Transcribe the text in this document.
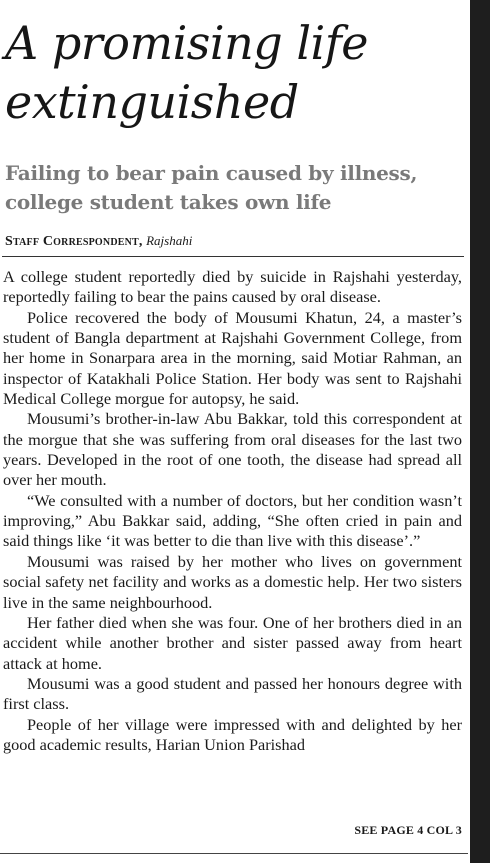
A promising life extinguished
Failing to bear pain caused by illness, college student takes own life
Staff Correspondent, Rajshahi

A college student reportedly died by suicide in Rajshahi yesterday, reportedly failing to bear the pains caused by oral disease.

Police recovered the body of Mousumi Khatun, 24, a master’s student of Bangla department at Rajshahi Government College, from her home in Sonarpara area in the morning, said Motiar Rahman, an inspector of Katakhali Police Station. Her body was sent to Rajshahi Medical College morgue for autopsy, he said.

Mousumi’s brother-in-law Abu Bakkar, told this correspondent at the morgue that she was suffering from oral diseases for the last two years. Developed in the root of one tooth, the disease had spread all over her mouth.

“We consulted with a number of doctors, but her condition wasn’t improving,” Abu Bakkar said, adding, “She often cried in pain and said things like ‘it was better to die than live with this disease’.”

Mousumi was raised by her mother who lives on government social safety net facility and works as a domestic help. Her two sisters live in the same neighbourhood.

Her father died when she was four. One of her brothers died in an accident while another brother and sister passed away from heart attack at home.

Mousumi was a good student and passed her honours degree with first class.

People of her village were impressed with and delighted by her good academic results, Harian Union Parishad

SEE PAGE 4 COL 3
